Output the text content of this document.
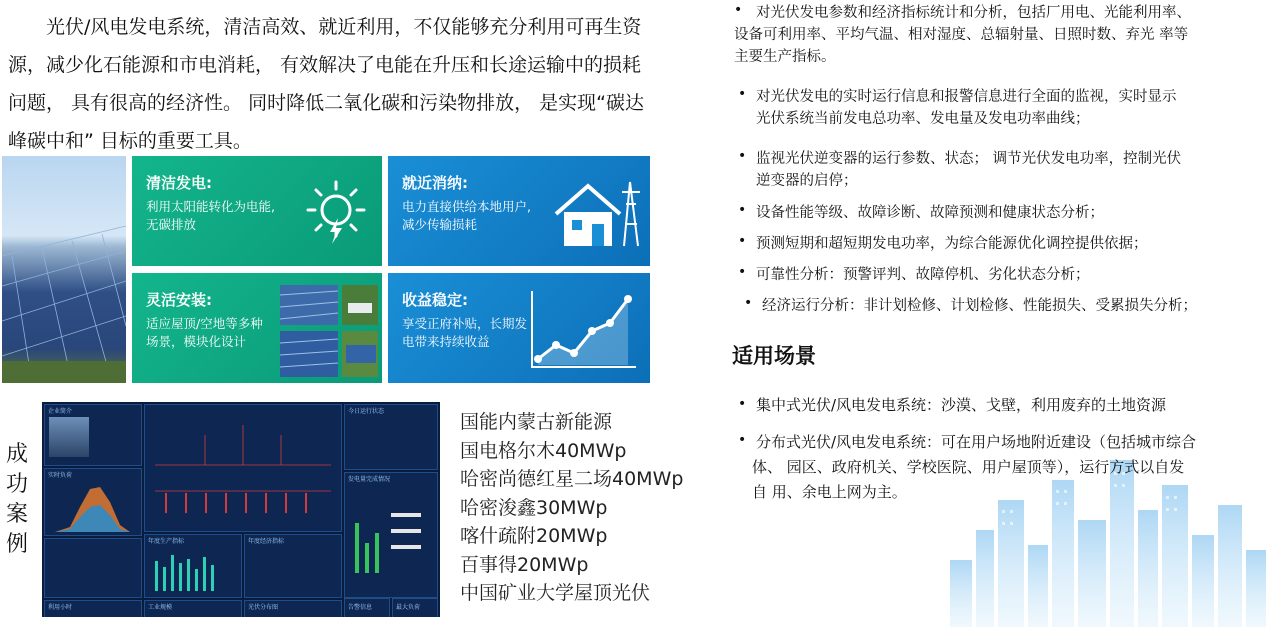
光伏/风电发电系统，清洁高效、就近利用，不仅能够充分利用可再生资源，减少化石能源和市电消耗， 有效解决了电能在升压和长途运输中的损耗问题， 具有很高的经济性。 同时降低二氧化碳和污染物排放， 是实现“碳达峰碳中和” 目标的重要工具。
清洁发电:
利用太阳能转化为电能,
无碳排放
就近消纳:
电力直接供给本地用户,
减少传输损耗
灵活安装:
适应屋顶/空地等多种
场景，模块化设计
收益稳定:
享受正府补贴，长期发
电带来持续收益
成功案例
企业简介
实时负荷
年度生产指标	年度经济指标
今日运行状态
发电量完成情况
利用小时	工业规模	光伏分布图	告警信息	最大负荷
国能内蒙古新能源
国电格尔木40MWp
哈密尚德红星二场40MWp
哈密浚鑫30MWp
喀什疏附20MWp
百事得20MWp
中国矿业大学屋顶光伏
• 对光伏发电参数和经济指标统计和分析，包括厂用电、光能利用率、
设备可利用率、平均气温、相对湿度、总辐射量、日照时数、弃光 率等
主要生产指标。
• 对光伏发电的实时运行信息和报警信息进行全面的监视，实时显示
光伏系统当前发电总功率、发电量及发电功率曲线；
• 监视光伏逆变器的运行参数、状态； 调节光伏发电功率，控制光伏
逆变器的启停；
• 设备性能等级、故障诊断、故障预测和健康状态分析；
• 预测短期和超短期发电功率，为综合能源优化调控提供依据；
• 可靠性分析：预警评判、故障停机、劣化状态分析；
• 经济运行分析：非计划检修、计划检修、性能损失、受累损失分析；
适用场景
• 集中式光伏/风电发电系统：沙漠、戈壁，利用废弃的土地资源
• 分布式光伏/风电发电系统：可在用户场地附近建设（包括城市综合
体、 园区、政府机关、学校医院、用户屋顶等），运行方式以自发
自 用、余电上网为主。
